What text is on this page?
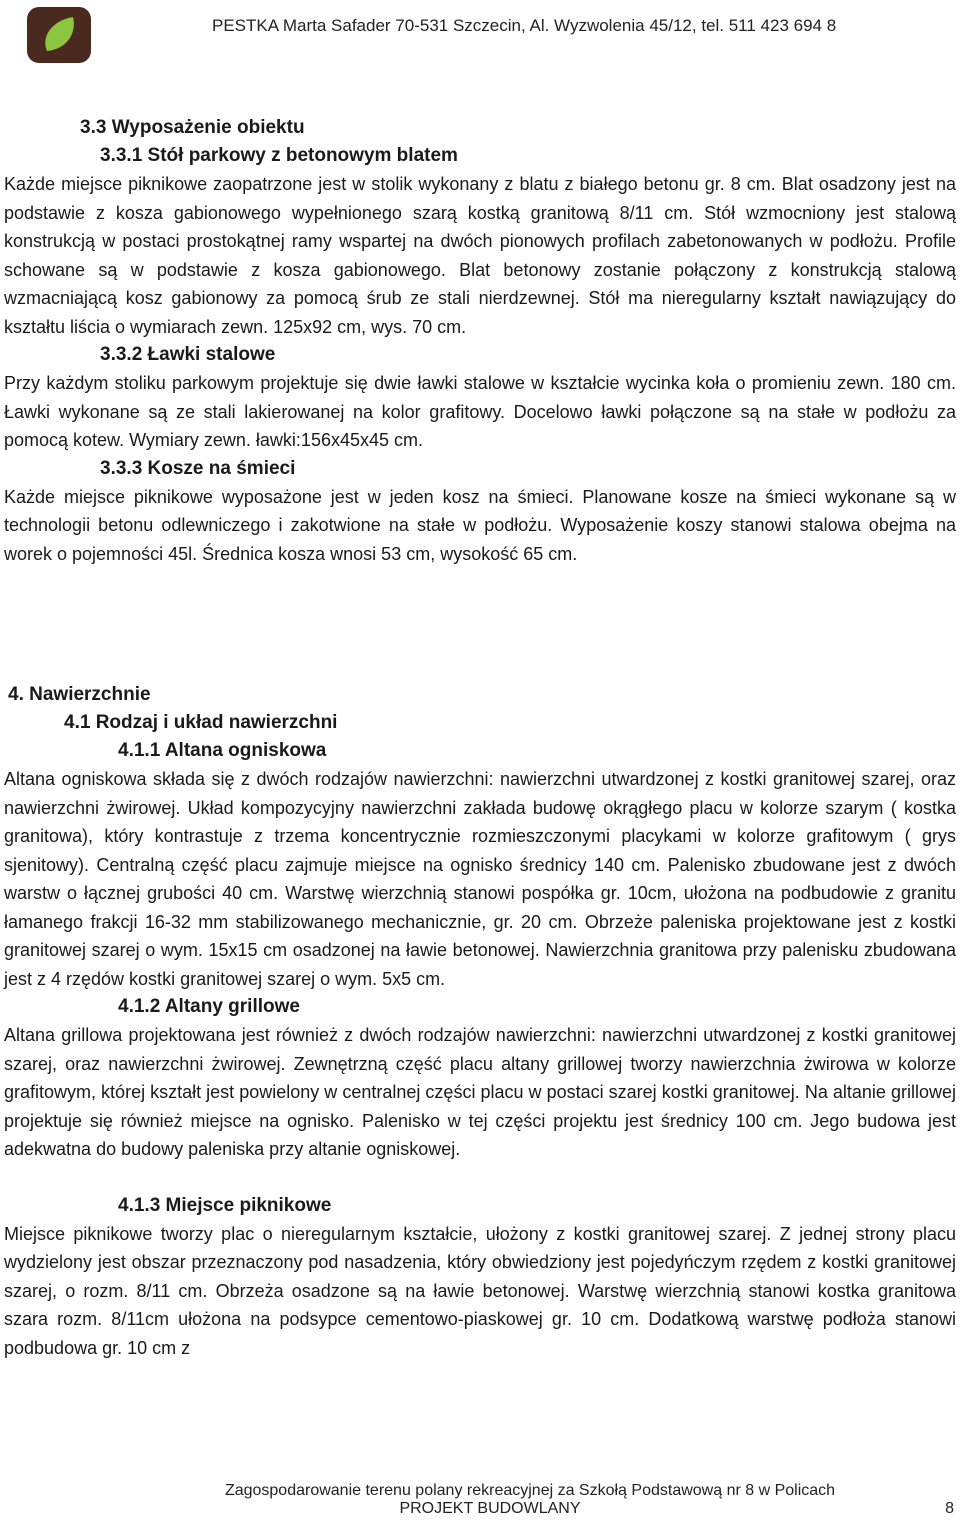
PESTKA Marta Safader 70-531 Szczecin, Al. Wyzwolenia 45/12, tel. 511 423 694 8
3.3 Wyposażenie obiektu
3.3.1 Stół parkowy z betonowym blatem

Każde miejsce piknikowe zaopatrzone jest w stolik wykonany z blatu z białego betonu gr. 8 cm. Blat osadzony jest na podstawie z kosza gabionowego wypełnionego szarą kostką granitową 8/11 cm. Stół wzmocniony jest stalową konstrukcją w postaci prostokątnej ramy wspartej na dwóch pionowych profilach zabetonowanych w podłożu. Profile schowane są w podstawie z kosza gabionowego. Blat betonowy zostanie połączony z konstrukcją stalową wzmacniającą kosz gabionowy za pomocą śrub ze stali nierdzewnej. Stół ma nieregularny kształt nawiązujący do kształtu liścia o wymiarach zewn. 125x92 cm, wys. 70 cm.

3.3.2 Ławki stalowe

Przy każdym stoliku parkowym projektuje się dwie ławki stalowe w kształcie wycinka koła o promieniu zewn. 180 cm. Ławki wykonane są ze stali lakierowanej na kolor grafitowy. Docelowo ławki połączone są na stałe w podłożu za pomocą kotew. Wymiary zewn. ławki:156x45x45 cm.

3.3.3 Kosze na śmieci

Każde miejsce piknikowe wyposażone jest w jeden kosz na śmieci. Planowane kosze na śmieci wykonane są w technologii betonu odlewniczego i zakotwione na stałe w podłożu. Wyposażenie koszy stanowi stalowa obejma na worek o pojemności 45l. Średnica kosza wnosi 53 cm, wysokość 65 cm.

4. Nawierzchnie
4.1 Rodzaj i układ nawierzchni
4.1.1 Altana ogniskowa

Altana ogniskowa składa się z dwóch rodzajów nawierzchni: nawierzchni utwardzonej z kostki granitowej szarej, oraz nawierzchni żwirowej. Układ kompozycyjny nawierzchni zakłada budowę okrągłego placu w kolorze szarym ( kostka granitowa), który kontrastuje z trzema koncentrycznie rozmieszczonymi placykami w kolorze grafitowym ( grys sjenitowy). Centralną część placu zajmuje miejsce na ognisko średnicy 140 cm. Palenisko zbudowane jest z dwóch warstw o łącznej grubości 40 cm. Warstwę wierzchnią stanowi pospółka gr. 10cm, ułożona na podbudowie z granitu łamanego frakcji 16-32 mm stabilizowanego mechanicznie, gr. 20 cm. Obrzeże paleniska projektowane jest z kostki granitowej szarej o wym. 15x15 cm osadzonej na ławie betonowej. Nawierzchnia granitowa przy palenisku zbudowana jest z 4 rzędów kostki granitowej szarej o wym. 5x5 cm.

4.1.2 Altany grillowe

Altana grillowa projektowana jest również z dwóch rodzajów nawierzchni: nawierzchni utwardzonej z kostki granitowej szarej, oraz nawierzchni żwirowej. Zewnętrzną część placu altany grillowej tworzy nawierzchnia żwirowa w kolorze grafitowym, której kształt jest powielony w centralnej części placu w postaci szarej kostki granitowej. Na altanie grillowej projektuje się również miejsce na ognisko. Palenisko w tej części projektu jest średnicy 100 cm. Jego budowa jest adekwatna do budowy paleniska przy altanie ogniskowej.

4.1.3 Miejsce piknikowe

Miejsce piknikowe tworzy plac o nieregularnym kształcie, ułożony z kostki granitowej szarej. Z jednej strony placu wydzielony jest obszar przeznaczony pod nasadzenia, który obwiedziony jest pojedyńczym rzędem z kostki granitowej szarej, o rozm. 8/11 cm. Obrzeża osadzone są na ławie betonowej. Warstwę wierzchnią stanowi kostka granitowa szara rozm. 8/11cm ułożona na podsypce cementowo-piaskowej gr. 10 cm. Dodatkową warstwę podłoża stanowi podbudowa gr. 10 cm z

Zagospodarowanie terenu polany rekreacyjnej za Szkołą Podstawową nr 8 w Policach
PROJEKT BUDOWLANY	8
